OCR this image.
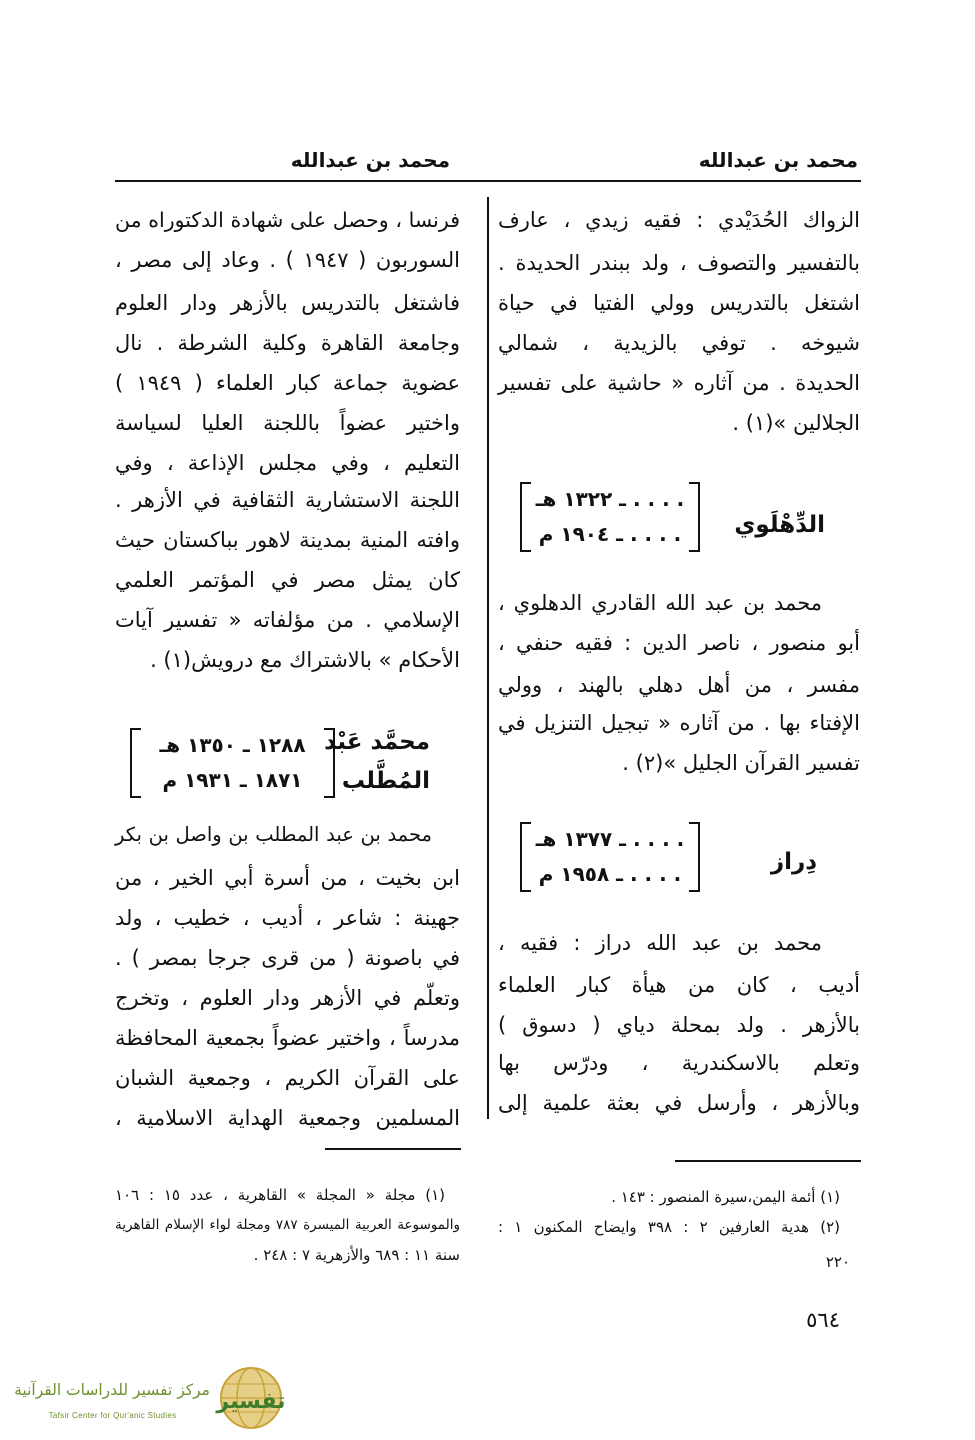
محمد بن عبدالله
محمد بن عبدالله
الزواك الحُدَيْدي : فقيه زيدي ، عارف
بالتفسير والتصوف ، ولد ببندر الحديدة .
اشتغل بالتدريس وولي الفتيا في حياة
شيوخه . توفي بالزيدية ، شمالي
الحديدة . من آثاره « حاشية على تفسير
الجلالين »(١) .
الدِّهْلَوي
. . . . ـ ١٣٢٢ هـ
. . . . ـ ١٩٠٤ م
محمد بن عبد الله القادري الدهلوي ،
أبو منصور ، ناصر الدين : فقيه حنفي ،
مفسر ، من أهل دهلي بالهند ، وولي
الإفتاء بها . من آثاره « تبجيل التنزيل في
تفسير القرآن الجليل »(٢) .
دِراز
. . . . ـ ١٣٧٧ هـ
. . . . ـ ١٩٥٨ م
محمد بن عبد الله دراز : فقيه ،
أديب ، كان من هيأة كبار العلماء
بالأزهر . ولد بمحلة دياي ( دسوق )
وتعلم بالاسكندرية ، ودرّس بها
وبالأزهر ، وأرسل في بعثة علمية إلى
فرنسا ، وحصل على شهادة الدكتوراه من
السوربون ( ١٩٤٧ ) . وعاد إلى مصر ،
فاشتغل بالتدريس بالأزهر ودار العلوم
وجامعة القاهرة وكلية الشرطة . نال
عضوية جماعة كبار العلماء ( ١٩٤٩ )
واختير عضواً باللجنة العليا لسياسة
التعليم ، وفي مجلس الإذاعة ، وفي
اللجنة الاستشارية الثقافية في الأزهر .
وافته المنية بمدينة لاهور بباكستان حيث
كان يمثل مصر في المؤتمر العلمي
الإسلامي . من مؤلفاته « تفسير آيات
الأحكام » بالاشتراك مع درويش(١) .
محمَّد عَبْد
المُطَّلب
١٢٨٨ ـ ١٣٥٠ هـ
١٨٧١ ـ ١٩٣١ م
محمد بن عبد المطلب بن واصل بن بكر
ابن بخيت ، من أسرة أبي الخير ، من
جهينة : شاعر ، أديب ، خطيب ، ولد
في باصونة ( من قرى جرجا بمصر ) .
وتعلّم في الأزهر ودار العلوم ، وتخرج
مدرساً ، واختير عضواً بجمعية المحافظة
على القرآن الكريم ، وجمعية الشبان
المسلمين وجمعية الهداية الاسلامية ،
(١) أئمة اليمن،سيرة المنصور : ١٤٣ .
(٢) هدية العارفين ٢ : ٣٩٨ وايضاح المكنون ١ :
٢٢٠
(١) مجلة « المجلة » القاهرية ، عدد ١٥ : ١٠٦
والموسوعة العربية الميسرة ٧٨٧ ومجلة لواء الإسلام القاهرية
سنة ١١ : ٦٨٩ والأزهرية ٧ : ٢٤٨ .
٥٦٤
تفسير
مركز تفسير للدراسات القرآنية
Tafsir Center for Qur'anic Studies
